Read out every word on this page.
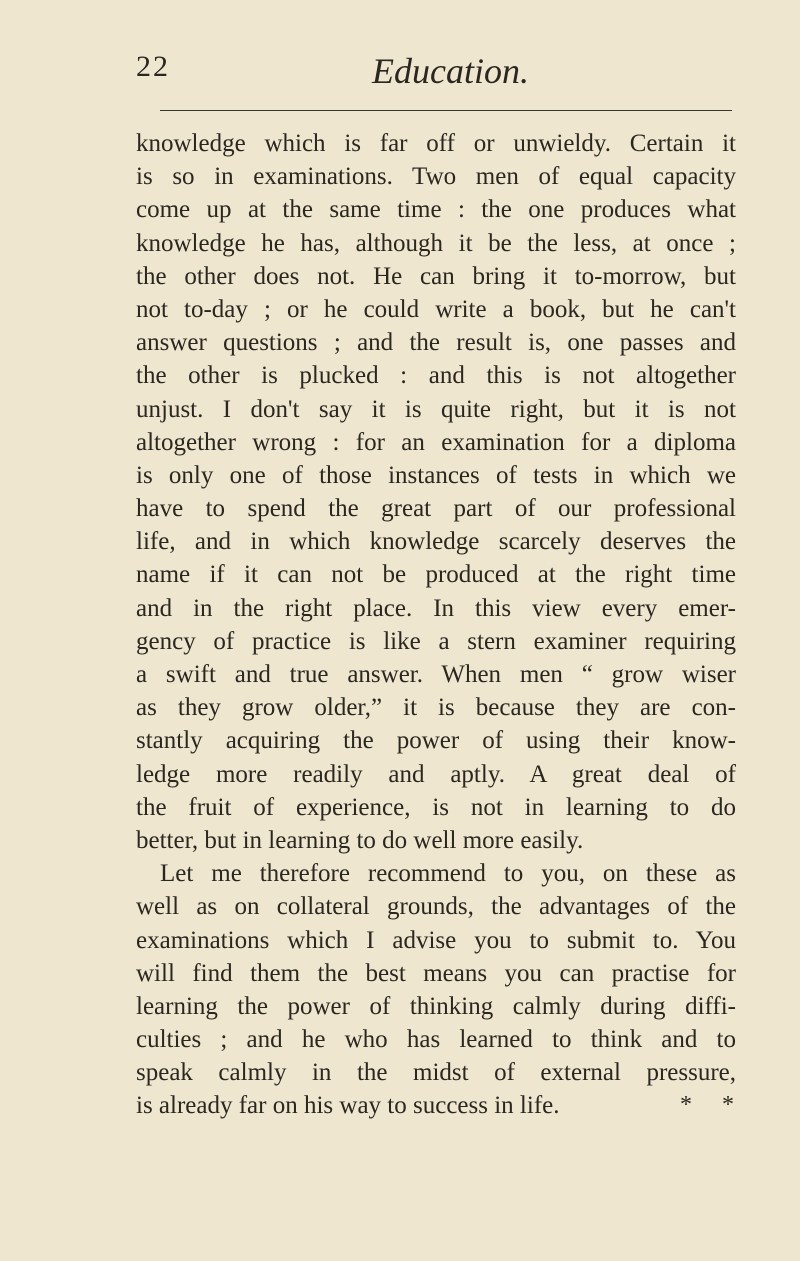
22	Education.
knowledge which is far off or unwieldy. Certain it
is so in examinations. Two men of equal capacity
come up at the same time : the one produces what
knowledge he has, although it be the less, at once ;
the other does not. He can bring it to-morrow, but
not to-day ; or he could write a book, but he can't
answer questions ; and the result is, one passes and
the other is plucked : and this is not altogether
unjust. I don't say it is quite right, but it is not
altogether wrong : for an examination for a diploma
is only one of those instances of tests in which we
have to spend the great part of our professional
life, and in which knowledge scarcely deserves the
name if it can not be produced at the right time
and in the right place. In this view every emer-
gency of practice is like a stern examiner requiring
a swift and true answer. When men “ grow wiser
as they grow older,” it is because they are con-
stantly acquiring the power of using their know-
ledge more readily and aptly. A great deal of
the fruit of experience, is not in learning to do
better, but in learning to do well more easily.
Let me therefore recommend to you, on these as
well as on collateral grounds, the advantages of the
examinations which I advise you to submit to. You
will find them the best means you can practise for
learning the power of thinking calmly during diffi-
culties ; and he who has learned to think and to
speak calmly in the midst of external pressure,
is already far on his way to success in life.	* *
